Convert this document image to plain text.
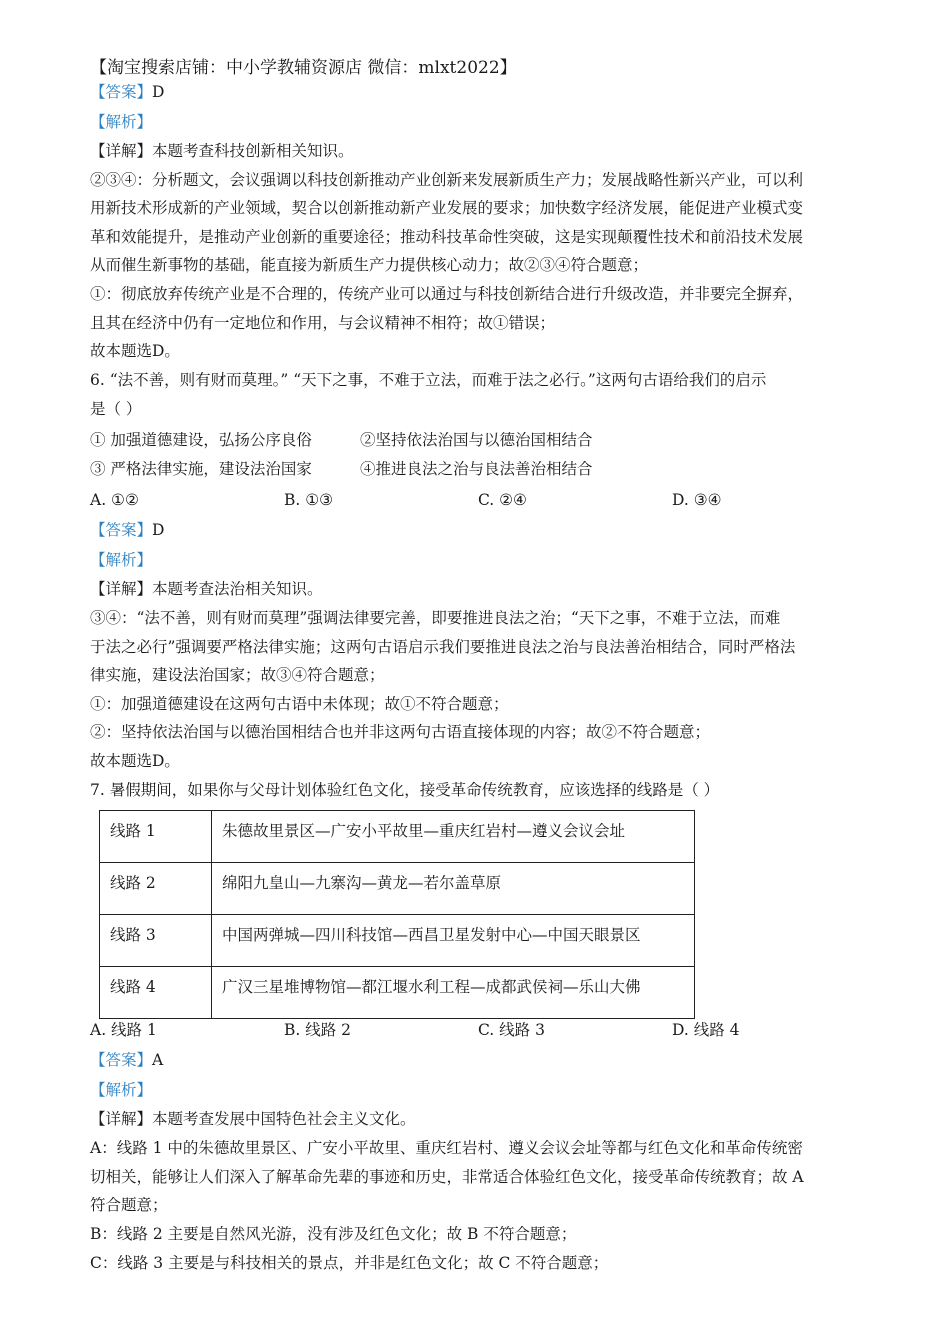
【淘宝搜索店铺：中小学教辅资源店 微信：mlxt2022】
【答案】D
【解析】
【详解】本题考查科技创新相关知识。
②③④：分析题文，会议强调以科技创新推动产业创新来发展新质生产力；发展战略性新兴产业，可以利
用新技术形成新的产业领域，契合以创新推动新产业发展的要求；加快数字经济发展，能促进产业模式变
革和效能提升，是推动产业创新的重要途径；推动科技革命性突破，这是实现颠覆性技术和前沿技术发展
从而催生新事物的基础，能直接为新质生产力提供核心动力；故②③④符合题意；
①：彻底放弃传统产业是不合理的，传统产业可以通过与科技创新结合进行升级改造，并非要完全摒弃，
且其在经济中仍有一定地位和作用，与会议精神不相符；故①错误；
故本题选D。
6. “法不善，则有财而莫理。” “天下之事，不难于立法，而难于法之必行。”这两句古语给我们的启示
是（ ）
① 加强道德建设，弘扬公序良俗	②坚持依法治国与以德治国相结合
③ 严格法律实施，建设法治国家	④推进良法之治与良法善治相结合
A. ①②	B. ①③	C. ②④	D. ③④
【答案】D
【解析】
【详解】本题考查法治相关知识。
③④：“法不善，则有财而莫理”强调法律要完善，即要推进良法之治；“天下之事，不难于立法，而难
于法之必行”强调要严格法律实施；这两句古语启示我们要推进良法之治与良法善治相结合，同时严格法
律实施，建设法治国家；故③④符合题意；
①：加强道德建设在这两句古语中未体现；故①不符合题意；
②：坚持依法治国与以德治国相结合也并非这两句古语直接体现的内容；故②不符合题意；
故本题选D。
7. 暑假期间，如果你与父母计划体验红色文化，接受革命传统教育，应该选择的线路是（ ）
线路 1	朱德故里景区—广安小平故里—重庆红岩村—遵义会议会址
线路 2	绵阳九皇山—九寨沟—黄龙—若尔盖草原
线路 3	中国两弹城—四川科技馆—西昌卫星发射中心—中国天眼景区
线路 4	广汉三星堆博物馆—都江堰水利工程—成都武侯祠—乐山大佛
A. 线路 1	B. 线路 2	C. 线路 3	D. 线路 4
【答案】A
【解析】
【详解】本题考查发展中国特色社会主义文化。
A：线路 1 中的朱德故里景区、广安小平故里、重庆红岩村、遵义会议会址等都与红色文化和革命传统密
切相关，能够让人们深入了解革命先辈的事迹和历史，非常适合体验红色文化，接受革命传统教育；故 A
符合题意；
B：线路 2 主要是自然风光游，没有涉及红色文化；故 B 不符合题意；
C：线路 3 主要是与科技相关的景点，并非是红色文化；故 C 不符合题意；
